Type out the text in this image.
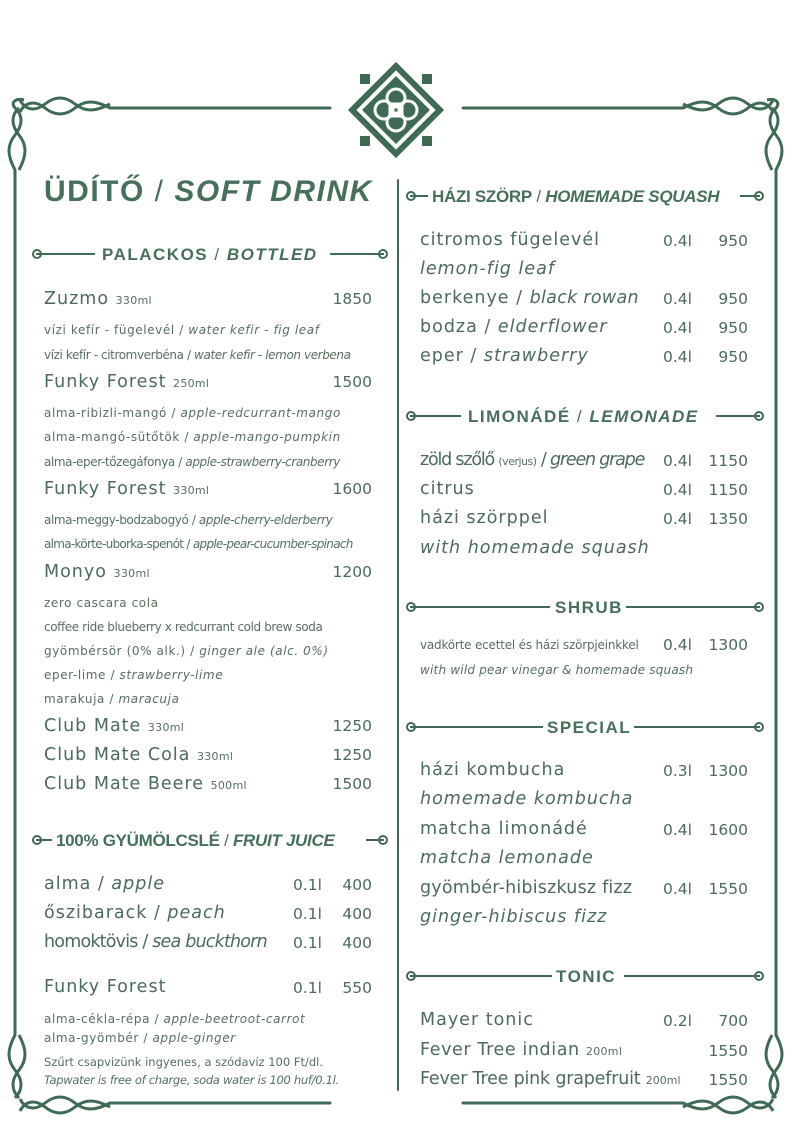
ÜDÍTŐ / SOFT DRINK
PALACKOS / BOTTLED
Zuzmo 330ml	1850
vízi kefír - fügelevél / water kefir - fig leaf
vízi kefír - citromverbéna / water kefir - lemon verbena
Funky Forest 250ml	1500
alma-ribizli-mangó / apple-redcurrant-mango
alma-mangó-sütőtök / apple-mango-pumpkin
alma-eper-tőzegáfonya / apple-strawberry-cranberry
Funky Forest 330ml	1600
alma-meggy-bodzabogyó / apple-cherry-elderberry
alma-körte-uborka-spenót / apple-pear-cucumber-spinach
Monyo 330ml	1200
zero cascara cola
coffee ride blueberry x redcurrant cold brew soda
gyömbérsör (0% alk.) / ginger ale (alc. 0%)
eper-lime / strawberry-lime
marakuja / maracuja
Club Mate 330ml	1250
Club Mate Cola 330ml	1250
Club Mate Beere 500ml	1500
100% GYÜMÖLCSLÉ / FRUIT JUICE
alma / apple	0.1l	400
őszibarack / peach	0.1l	400
homoktövis / sea buckthorn 0.1l	400
Funky Forest	0.1l	550
alma-cékla-répa / apple-beetroot-carrot
alma-gyömbér / apple-ginger
Szűrt csapvizünk ingyenes, a szódavíz 100 Ft/dl.
Tapwater is free of charge, soda water is 100 huf/0.1l.
HÁZI SZÖRP / HOMEMADE SQUASH
citromos fügelevél	0.4l	950
lemon-fig leaf
berkenye / black rowan 0.4l	950
bodza / elderflower	0.4l	950
eper / strawberry	0.4l	950
LIMONÁDÉ / LEMONADE
zöld szőlő (verjus) / green grape 0.4l	1150
citrus	0.4l	1150
házi szörppel	0.4l	1350
with homemade squash
SHRUB
vadkörte ecettel és házi szörpjeinkkel 0.4l	1300
with wild pear vinegar & homemade squash
SPECIAL
házi kombucha	0.3l	1300
homemade kombucha
matcha limonádé	0.4l	1600
matcha lemonade
gyömbér-hibiszkusz fizz 0.4l	1550
ginger-hibiscus fizz
TONIC
Mayer tonic	0.2l	700
Fever Tree indian 200ml	1550
Fever Tree pink grapefruit 200ml	1550
